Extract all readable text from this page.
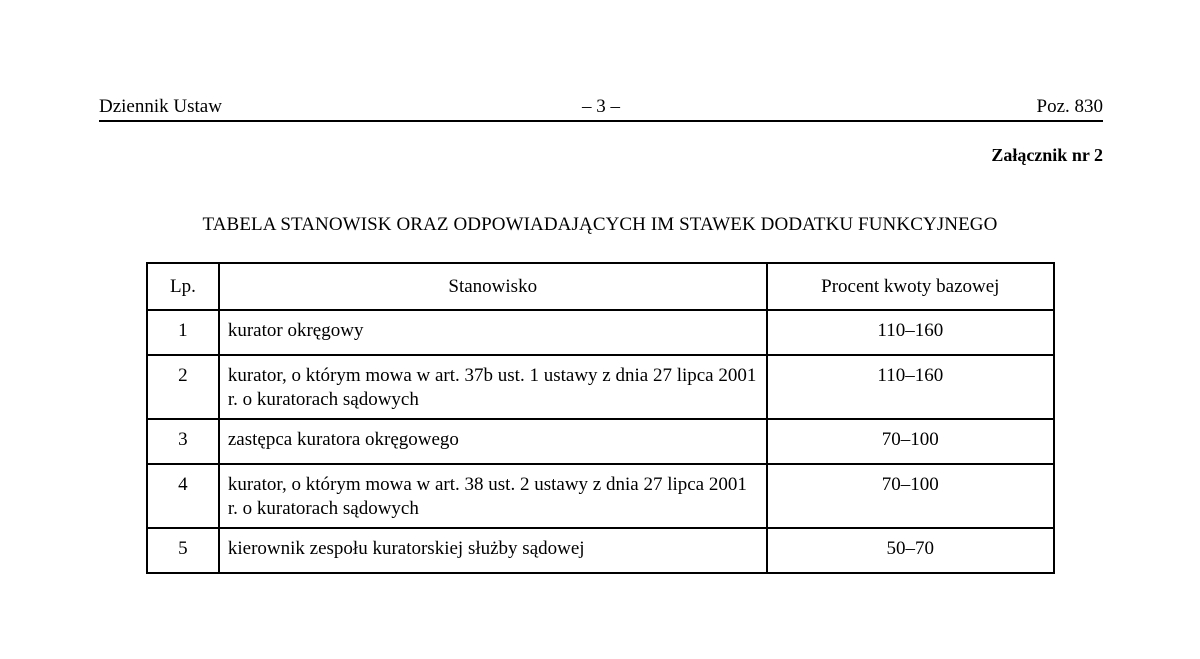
Dziennik Ustaw	– 3 –	Poz. 830
Załącznik nr 2
TABELA STANOWISK ORAZ ODPOWIADAJĄCYCH IM STAWEK DODATKU FUNKCYJNEGO
Lp.	Stanowisko	Procent kwoty bazowej
1	kurator okręgowy	110–160
2	kurator, o którym mowa w art. 37b ust. 1 ustawy z dnia 27 lipca 2001 r. o kuratorach sądowych	110–160
3	zastępca kuratora okręgowego	70–100
4	kurator, o którym mowa w art. 38 ust. 2 ustawy z dnia 27 lipca 2001 r. o kuratorach sądowych	70–100
5	kierownik zespołu kuratorskiej służby sądowej	50–70
